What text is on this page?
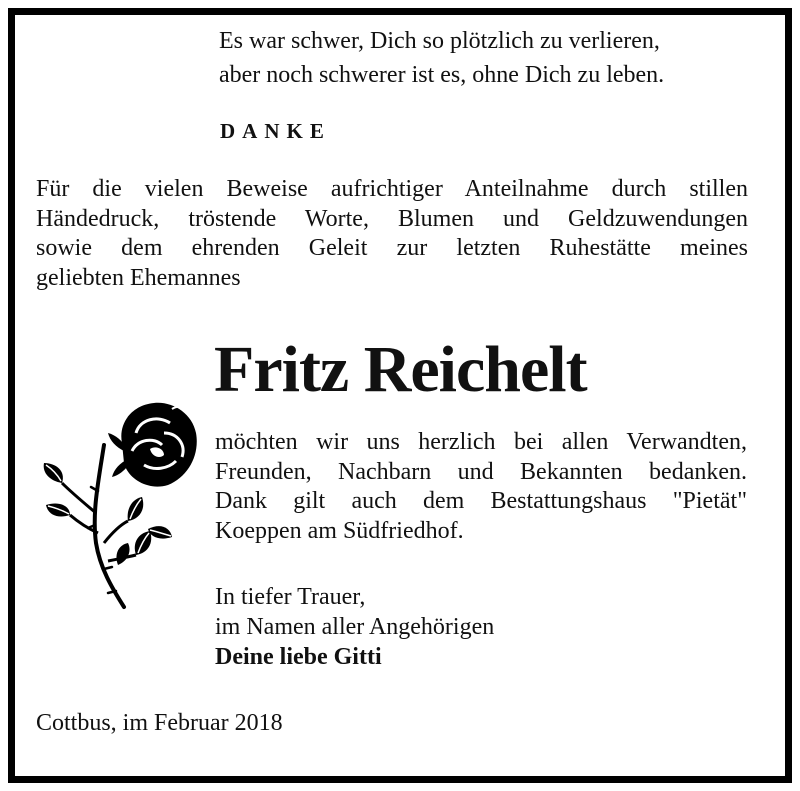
Es war schwer, Dich so plötzlich zu verlieren,
aber noch schwerer ist es, ohne Dich zu leben.
DANKE
Für die vielen Beweise aufrichtiger Anteilnahme durch stillen
Händedruck, tröstende Worte, Blumen und Geldzuwendungen
sowie dem ehrenden Geleit zur letzten Ruhestätte meines
geliebten Ehemannes
Fritz Reichelt
möchten wir uns herzlich bei allen Verwandten,
Freunden, Nachbarn und Bekannten bedanken.
Dank gilt auch dem Bestattungshaus "Pietät"
Koeppen am Südfriedhof.
In tiefer Trauer,
im Namen aller Angehörigen
Deine liebe Gitti
Cottbus, im Februar 2018
